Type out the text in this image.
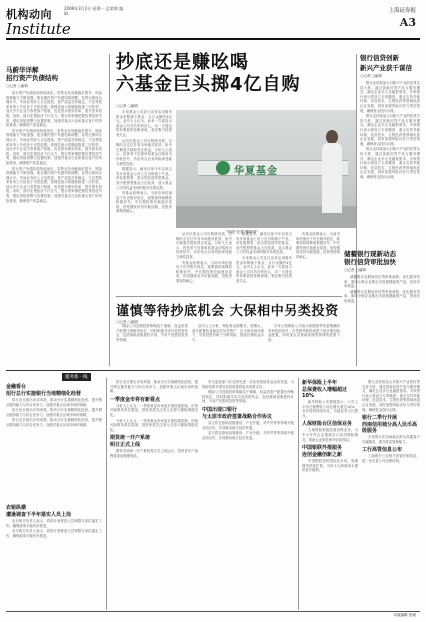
机构动向
Institute
2009年3月2日 星期一 总第期 编辑	上海证券报
A3
马蔚华详解
招行资产负债结构
○记者 ○编辑

招行资产负债结构持续优化，零售业务贡献稳步提升，风险管理能力不断加强。报告期内资产负债结构调整，存贷比保持合理水平，中间业务收入占比提高，资产质量总体稳定，不良贷款率有所上升但处于可控范围。管理层表示将继续推进二次转型，加大中小企业与零售客户拓展，优化资本使用效率，提升资本回报。同时，面对宏观经济下行压力，银行将审慎把握信贷投放节奏，强化风险预警与处置机制，加强对重点行业和重点客户的风险排查，确保资产质量稳定。

招行资产负债结构持续优化，零售业务贡献稳步提升，风险管理能力不断加强。报告期内资产负债结构调整，存贷比保持合理水平，中间业务收入占比提高，资产质量总体稳定，不良贷款率有所上升但处于可控范围。管理层表示将继续推进二次转型，加大中小企业与零售客户拓展，优化资本使用效率，提升资本回报。同时，面对宏观经济下行压力，银行将审慎把握信贷投放节奏，强化风险预警与处置机制，加强对重点行业和重点客户的风险排查，确保资产质量稳定。

招行资产负债结构持续优化，零售业务贡献稳步提升，风险管理能力不断加强。报告期内资产负债结构调整，存贷比保持合理水平，中间业务收入占比提高，资产质量总体稳定，不良贷款率有所上升但处于可控范围。管理层表示将继续推进二次转型，加大中小企业与零售客户拓展，优化资本使用效率，提升资本回报。同时，面对宏观经济下行压力，银行将审慎把握信贷投放节奏，强化风险预警与处置机制，加强对重点行业和重点客户的风险排查，确保资产质量稳定。

抄底还是赚吆喝
六基金巨头掷4亿自购
○记者 ○编辑

多家基金公司近日宣布运用固有资金申购旗下基金，合计金额约4亿元。业内人士认为，此举一方面显示基金公司对后市的信心，另一方面也带有明显的营销意味，意在吸引投资者关注。

从历次基金公司自购情况看，自购时点往往并非市场绝对底部，但中长期看多数取得正收益。分析人士表示，投资者不宜简单将基金自购视为抄底信号，仍应结合自身风险承受能力理性投资。

数据显示，截至目前今年以来已有多家基金公司公告自购旗下产品，涉及股票型、混合型及债券型基金，其中股票型基金占比较高，显示基金公司对权益市场的相对乐观态度。

有基金经理表示，当前市场估值处于历史相对低位，政策面持续释放积极信号，中长期投资价值逐步显现，但短期波动仍可能加剧，投资者需保持耐心。

华夏基金
"抄底"还是"赚吆喝"

从历次基金公司自购情况看，自购时点往往并非市场绝对底部，但中长期看多数取得正收益。分析人士表示，投资者不宜简单将基金自购视为抄底信号，仍应结合自身风险承受能力理性投资。

有基金经理表示，当前市场估值处于历史相对低位，政策面持续释放积极信号，中长期投资价值逐步显现，但短期波动仍可能加剧，投资者需保持耐心。

数据显示，截至目前今年以来已有多家基金公司公告自购旗下产品，涉及股票型、混合型及债券型基金，其中股票型基金占比较高，显示基金公司对权益市场的相对乐观态度。

多家基金公司近日宣布运用固有资金申购旗下基金，合计金额约4亿元。业内人士认为，此举一方面显示基金公司对后市的信心，另一方面也带有明显的营销意味，意在吸引投资者关注。

有基金经理表示，当前市场估值处于历史相对低位，政策面持续释放积极信号，中长期投资价值逐步显现，但短期波动仍可能加剧，投资者需保持耐心。

谨慎等待抄底机会 大保相中另类投资
○记者 ○编辑

保险公司近期投资策略趋于谨慎，权益类资产配置比例维持低位，同时积极寻求另类投资机会，包括基础设施债权计划、不动产及股权投资等领域。

业内人士分析，保险资金期限长、规模大，适合配置收益稳定的另类资产，在当前市场环境下，另类投资有助于分散风险、提高长期收益水平。

多家大型保险公司表示将继续等待更明确的市场底部信号，在控制风险的前提下逐步增加权益配置，同时加大对基础设施等领域的投资力度。

银行信贷创新
新兴产业获千谋信
○记者 ○编辑

银行业持续加大对新兴产业的信贷支持力度，通过创新信贷产品与服务模式，满足企业多元化融资需求。多家银行表示将设立专项额度，重点支持节能环保、信息技术、生物医药等领域优质企业发展，同时加强风险评估与贷后管理，确保资金投向合理。

银行业持续加大对新兴产业的信贷支持力度，通过创新信贷产品与服务模式，满足企业多元化融资需求。多家银行表示将设立专项额度，重点支持节能环保、信息技术、生物医药等领域优质企业发展，同时加强风险评估与贷后管理，确保资金投向合理。

银行业持续加大对新兴产业的信贷支持力度，通过创新信贷产品与服务模式，满足企业多元化融资需求。多家银行表示将设立专项额度，重点支持节能环保、信息技术、生物医药等领域优质企业发展，同时加强风险评估与贷后管理，确保资金投向合理。

储蓄银行现新动态
银行信贷审批加快
○记者 ○编辑

储蓄银行近期加快信贷审批流程，优化服务效率，面向小微企业推出多款便捷融资产品，受到市场欢迎。

储蓄银行近期加快信贷审批流程，优化服务效率，面向小微企业推出多款便捷融资产品，受到市场欢迎。

服务新一线
金融看台
招行总行实施银行当地精细化经营

招行近日推出多项举措，推动分行实施精细化经营，提升网点服务能力与综合竞争力，加强对重点区域市场的深耕。

招行近日推出多项举措，推动分行实施精细化经营，提升网点服务能力与综合竞争力，加强对重点区域市场的深耕。

招行近日推出多项举措，推动分行实施精细化经营，提升网点服务能力与综合竞争力，加强对重点区域市场的深耕。

农银纵横
遭逢调查下半年落实人员上岗

农行相关负责人表示，将按计划推进人员调整与岗位落实工作，确保改革平稳有序推进。

农行相关负责人表示，将按计划推进人员调整与岗位落实工作，确保改革平稳有序推进。

招行近日推出多项举措，推动分行实施精细化经营，提升网点服务能力与综合竞争力，加强对重点区域市场的深耕。

一季度金市将有新看点

分析人士认为，一季度黄金市场受多重因素影响，价格可能维持高位震荡，投资者需关注美元走势与避险情绪变化。

分析人士认为，一季度黄金市场受多重因素影响，价格可能维持高位震荡，投资者需关注美元走势与避险情绪变化。

期货统一开户系统
明日正式上线

期货市场统一开户系统将正式上线运行，投资者开户流程将更加便捷规范。

有关监管部门亦在研究进一步拓宽保险资金运用渠道，为保险机构开展另类投资提供更多政策支持。

保险公司近期投资策略趋于谨慎，权益类资产配置比例维持低位，同时积极寻求另类投资机会，包括基础设施债权计划、不动产及股权投资等领域。

中国出现口银行
与太原市政府签署战略合作协议

双方将在基础设施建设、产业升级、对外贸易等领域开展全面合作，共同推动地方经济发展。

双方将在基础设施建设、产业升级、对外贸易等领域开展全面合作，共同推动地方经济发展。

新华保险上半年
总保费收入增幅超过10%

新华保险公布数据显示，公司上半年总保费收入同比增长超过10%，业务结构持续优化，价值业务占比提升。

人保财险台区信保业务

人保财险积极拓展信保业务，为中小外贸企业提供出口信用保险服务，帮助企业防范海外收款风险。

中国银联外推服务
连创金融创新之新

中国银联加快国际化步伐，受理网络持续扩展，为持卡人跨境用卡提供更多便利。

银行业持续加大对新兴产业的信贷支持力度，通过创新信贷产品与服务模式，满足企业多元化融资需求。多家银行表示将设立专项额度，重点支持节能环保、信息技术、生物医药等领域优质企业发展，同时加强风险评估与贷后管理，确保资金投向合理。

银行二季行开展
西南信用城分高人民币高级服务

多家银行在西南地区推出高端客户专属服务，提升财富管理能力。

工行高管信息公布

工商银行公告相关高管任职信息，进一步完善公司治理结构。

本版编辑 张晓
